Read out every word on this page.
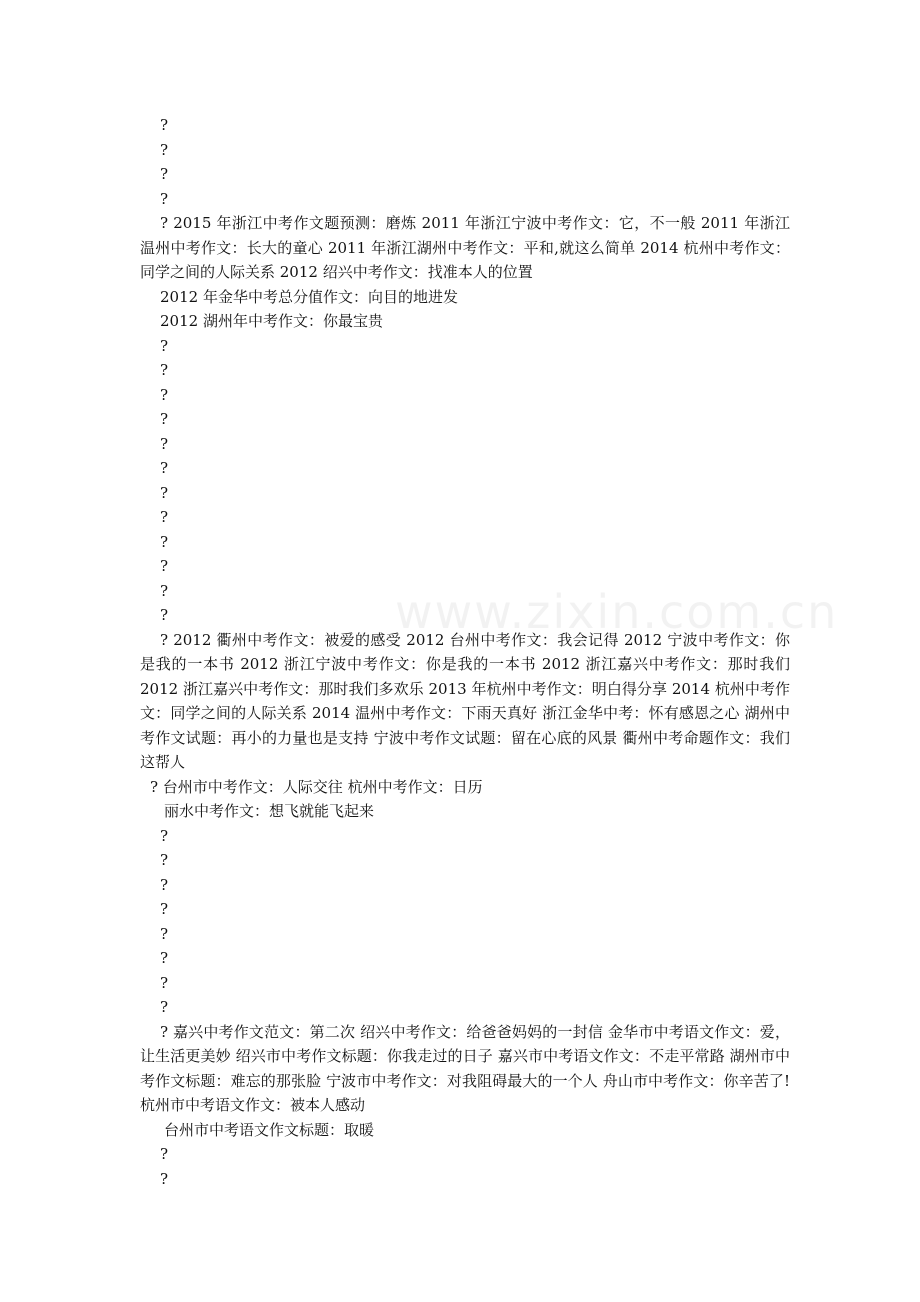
www.zixin.com.cn
?
?
?
?

? 2015 年浙江中考作文题预测：磨炼 2011 年浙江宁波中考作文：它，不一般 2011 年浙江温州中考作文：长大的童心 2011 年浙江湖州中考作文：平和,就这么简单 2014 杭州中考作文：同学之间的人际关系 2012 绍兴中考作文：找准本人的位置

2012 年金华中考总分值作文：向目的地进发
2012 湖州年中考作文：你最宝贵
?
?
?
?
?
?
?
?
?
?
?
?

? 2012 衢州中考作文：被爱的感受 2012 台州中考作文：我会记得 2012 宁波中考作文：你是我的一本书 2012 浙江宁波中考作文：你是我的一本书 2012 浙江嘉兴中考作文：那时我们 2012 浙江嘉兴中考作文：那时我们多欢乐 2013 年杭州中考作文：明白得分享 2014 杭州中考作文：同学之间的人际关系 2014 温州中考作文：下雨天真好 浙江金华中考：怀有感恩之心 湖州中考作文试题：再小的力量也是支持 宁波中考作文试题：留在心底的风景 衢州中考命题作文：我们这帮人

? 台州市中考作文：人际交往 杭州中考作文：日历
丽水中考作文：想飞就能飞起来
?
?
?
?
?
?
?
?

? 嘉兴中考作文范文：第二次 绍兴中考作文：给爸爸妈妈的一封信 金华市中考语文作文：爱，让生活更美妙 绍兴市中考作文标题：你我走过的日子 嘉兴市中考语文作文：不走平常路 湖州市中考作文标题：难忘的那张脸 宁波市中考作文：对我阻碍最大的一个人 舟山市中考作文：你辛苦了! 杭州市中考语文作文：被本人感动

台州市中考语文作文标题：取暖
?
?
